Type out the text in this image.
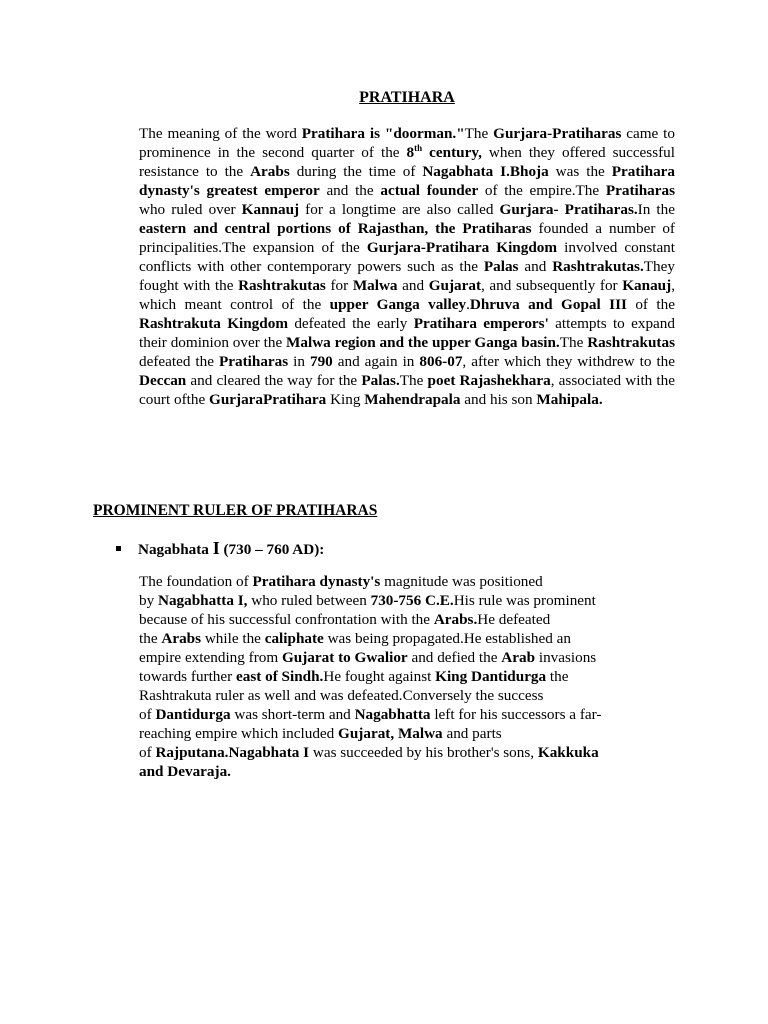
PRATIHARA

The meaning of the word Pratihara is "doorman."The Gurjara-Pratiharas came to prominence in the second quarter of the 8th century, when they offered successful resistance to the Arabs during the time of Nagabhata I.Bhoja was the Pratihara dynasty's greatest emperor and the actual founder of the empire.The Pratiharas who ruled over Kannauj for a longtime are also called Gurjara- Pratiharas.In the eastern and central portions of Rajasthan, the Pratiharas founded a number of principalities.The expansion of the Gurjara-Pratihara Kingdom involved constant conflicts with other contemporary powers such as the Palas and Rashtrakutas.They fought with the Rashtrakutas for Malwa and Gujarat, and subsequently for Kanauj, which meant control of the upper Ganga valley.Dhruva and Gopal III of the Rashtrakuta Kingdom defeated the early Pratihara emperors' attempts to expand their dominion over the Malwa region and the upper Ganga basin.The Rashtrakutas defeated the Pratiharas in 790 and again in 806-07, after which they withdrew to the Deccan and cleared the way for the Palas.The poet Rajashekhara, associated with the court ofthe GurjaraPratihara King Mahendrapala and his son Mahipala.

PROMINENT RULER OF PRATIHARAS
Nagabhata I (730 – 760 AD):

The foundation of Pratihara dynasty's magnitude was positioned
by Nagabhatta I, who ruled between 730-756 C.E.His rule was prominent
because of his successful confrontation with the Arabs.He defeated
the Arabs while the caliphate was being propagated.He established an
empire extending from Gujarat to Gwalior and defied the Arab invasions
towards further east of Sindh.He fought against King Dantidurga the
Rashtrakuta ruler as well and was defeated.Conversely the success
of Dantidurga was short-term and Nagabhatta left for his successors a far-
reaching empire which included Gujarat, Malwa and parts
of Rajputana.Nagabhata I was succeeded by his brother's sons, Kakkuka
and Devaraja.
